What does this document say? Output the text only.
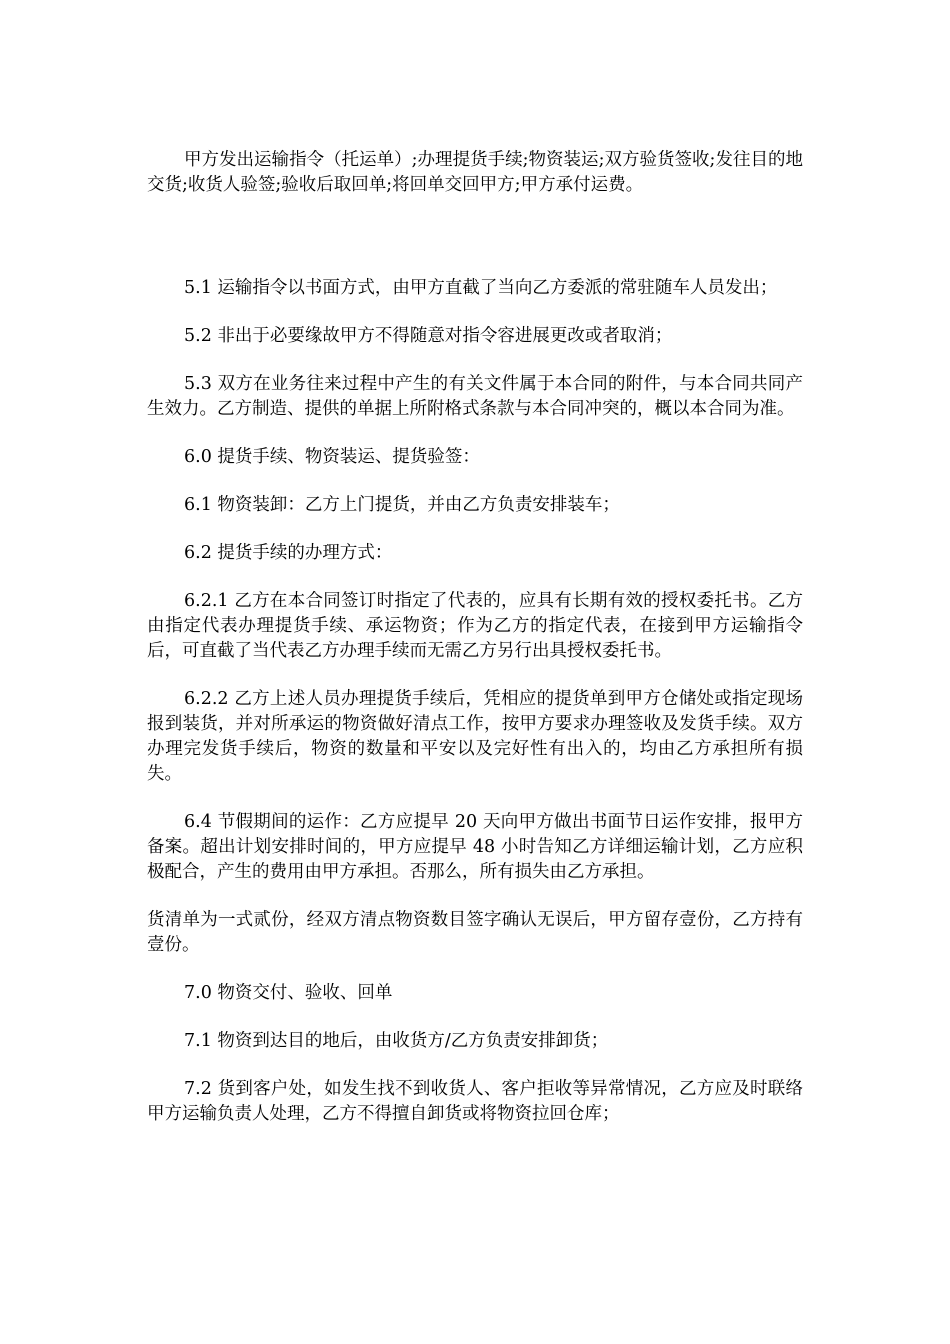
甲方发出运输指令（托运单）;办理提货手续;物资装运;双方验货签收;发往目的地交货;收货人验签;验收后取回单;将回单交回甲方;甲方承付运费。

5.1 运输指令以书面方式，由甲方直截了当向乙方委派的常驻随车人员发出；

5.2 非出于必要缘故甲方不得随意对指令容进展更改或者取消；

5.3 双方在业务往来过程中产生的有关文件属于本合同的附件，与本合同共同产生效力。乙方制造、提供的单据上所附格式条款与本合同冲突的，概以本合同为准。

6.0 提货手续、物资装运、提货验签：

6.1 物资装卸：乙方上门提货，并由乙方负责安排装车；

6.2 提货手续的办理方式：

6.2.1 乙方在本合同签订时指定了代表的，应具有长期有效的授权委托书。乙方由指定代表办理提货手续、承运物资；作为乙方的指定代表，在接到甲方运输指令后，可直截了当代表乙方办理手续而无需乙方另行出具授权委托书。

6.2.2 乙方上述人员办理提货手续后，凭相应的提货单到甲方仓储处或指定现场报到装货，并对所承运的物资做好清点工作，按甲方要求办理签收及发货手续。双方办理完发货手续后，物资的数量和平安以及完好性有出入的，均由乙方承担所有损失。

6.4 节假期间的运作：乙方应提早 20 天向甲方做出书面节日运作安排，报甲方备案。超出计划安排时间的，甲方应提早 48 小时告知乙方详细运输计划，乙方应积极配合，产生的费用由甲方承担。否那么，所有损失由乙方承担。

货清单为一式贰份，经双方清点物资数目签字确认无误后，甲方留存壹份，乙方持有壹份。

7.0 物资交付、验收、回单

7.1 物资到达目的地后，由收货方/乙方负责安排卸货；

7.2 货到客户处，如发生找不到收货人、客户拒收等异常情况，乙方应及时联络甲方运输负责人处理，乙方不得擅自卸货或将物资拉回仓库；
